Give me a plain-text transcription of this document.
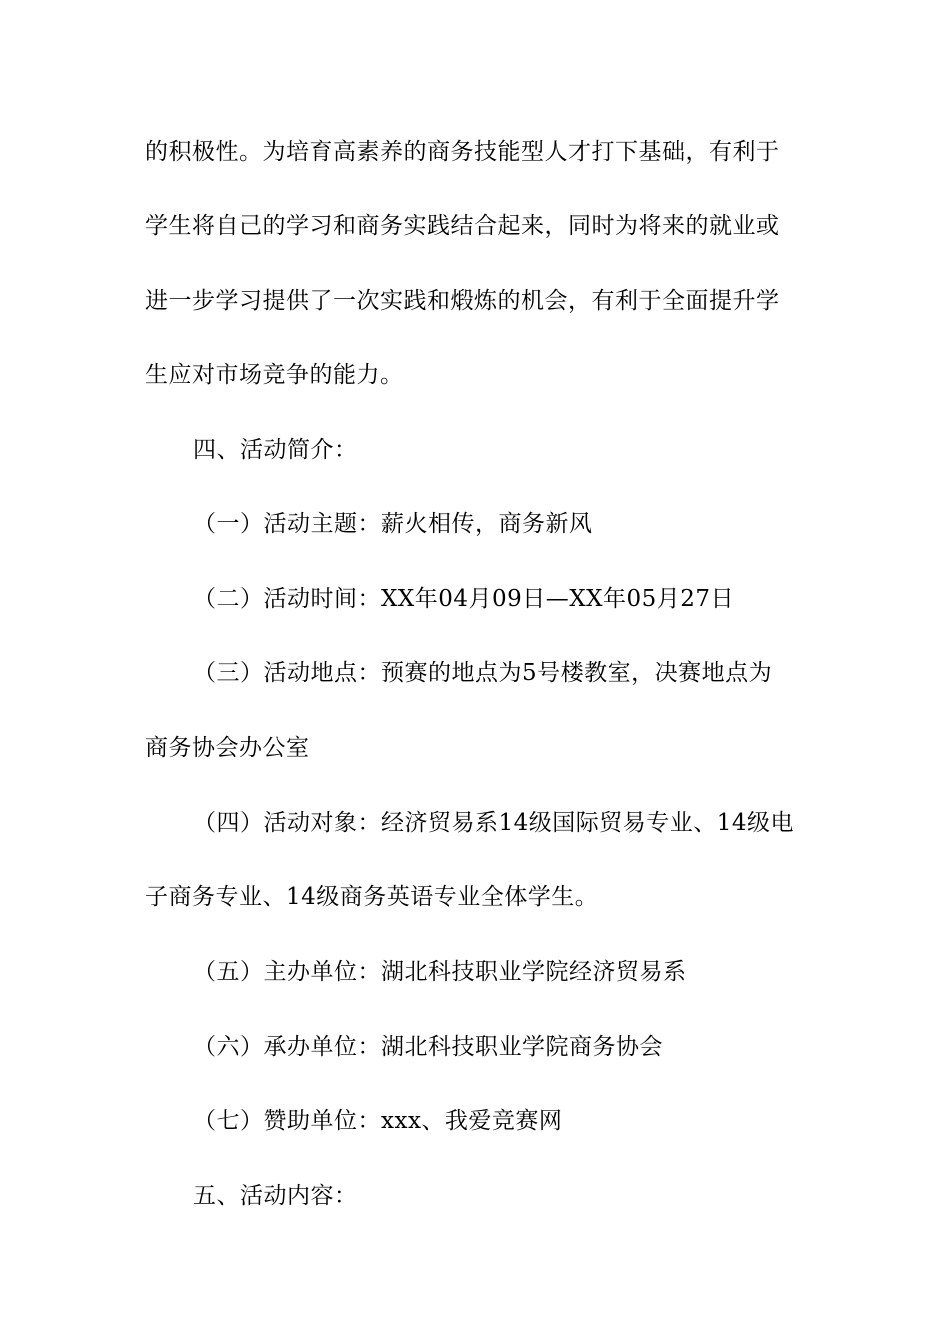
的积极性。为培育高素养的商务技能型人才打下基础，有利于
学生将自己的学习和商务实践结合起来，同时为将来的就业或
进一步学习提供了一次实践和煅炼的机会，有利于全面提升学
生应对市场竞争的能力。
四、活动简介：
（一）活动主题：薪火相传，商务新风
（二）活动时间：XX年04月09日—XX年05月27日
（三）活动地点：预赛的地点为5号楼教室，决赛地点为
商务协会办公室
（四）活动对象：经济贸易系14级国际贸易专业、14级电
子商务专业、14级商务英语专业全体学生。
（五）主办单位：湖北科技职业学院经济贸易系
（六）承办单位：湖北科技职业学院商务协会
（七）赞助单位：xxx、我爱竞赛网
五、活动内容：
